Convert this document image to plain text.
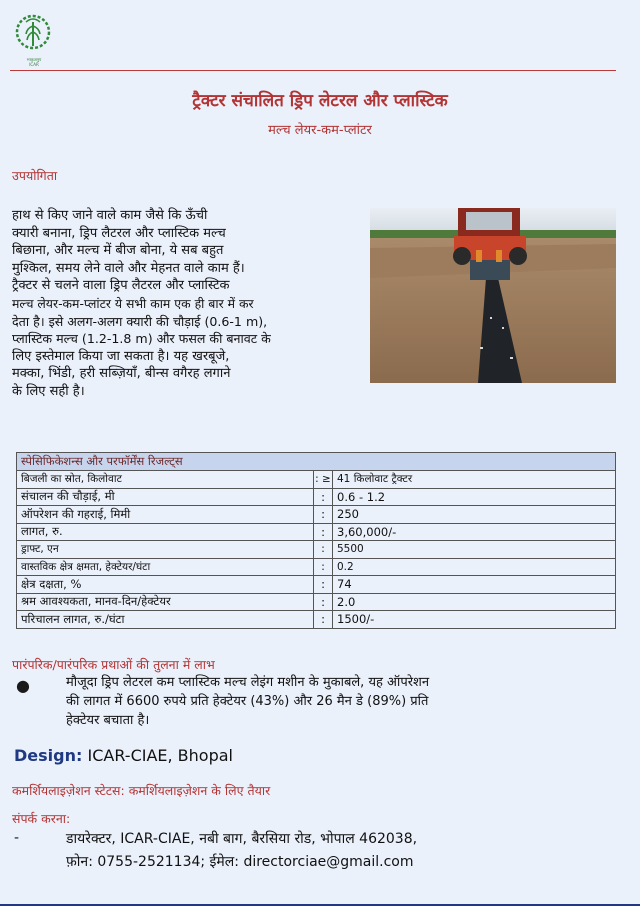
भाकृअनुप
ICAR
ट्रैक्टर संचालित ड्रिप लेटरल और प्लास्टिक
मल्च लेयर-कम-प्लांटर
उपयोगिता

हाथ से किए जाने वाले काम जैसे कि ऊँची

क्यारी बनाना, ड्रिप लैटरल और प्लास्टिक मल्च

बिछाना, और मल्च में बीज बोना, ये सब बहुत

मुश्किल, समय लेने वाले और मेहनत वाले काम हैं।

ट्रैक्टर से चलने वाला ड्रिप लैटरल और प्लास्टिक

मल्च लेयर-कम-प्लांटर ये सभी काम एक ही बार में कर

देता है। इसे अलग-अलग क्यारी की चौड़ाई (0.6-1 m),

प्लास्टिक मल्च (1.2-1.8 m) और फसल की बनावट के

लिए इस्तेमाल किया जा सकता है। यह खरबूजे,

मक्का, भिंडी, हरी सब्ज़ियाँ, बीन्स वगैरह लगाने

के लिए सही है।

स्पेसिफिकेशन्स और परफॉर्मेंस रिजल्ट्स		
बिजली का स्रोत, किलोवाट	: ≥	41 किलोवाट ट्रैक्टर
संचालन की चौड़ाई, मी	:	0.6 - 1.2
ऑपरेशन की गहराई, मिमी	:	250
लागत, रु.	:	3,60,000/-
ड्राफ्ट, एन	:	5500
वास्तविक क्षेत्र क्षमता, हेक्टेयर/घंटा	:	0.2
क्षेत्र दक्षता, %	:	74
श्रम आवश्यकता, मानव-दिन/हेक्टेयर	:	2.0
परिचालन लागत, रु./घंटा	:	1500/-
पारंपरिक/पारंपरिक प्रथाओं की तुलना में लाभ
●	मौजूदा ड्रिप लेटरल कम प्लास्टिक मल्च लेइंग मशीन के मुकाबले, यह ऑपरेशन
की लागत में 6600 रुपये प्रति हेक्टेयर (43%) और 26 मैन डे (89%) प्रति
हेक्टेयर बचाता है।
Design: ICAR-CIAE, Bhopal
कमर्शियलाइज़ेशन स्टेटस: कमर्शियलाइज़ेशन के लिए तैयार
संपर्क करना:
-	डायरेक्टर, ICAR-CIAE, नबी बाग, बैरसिया रोड, भोपाल 462038,
फ़ोन: 0755-2521134; ईमेल: directorciae@gmail.com
